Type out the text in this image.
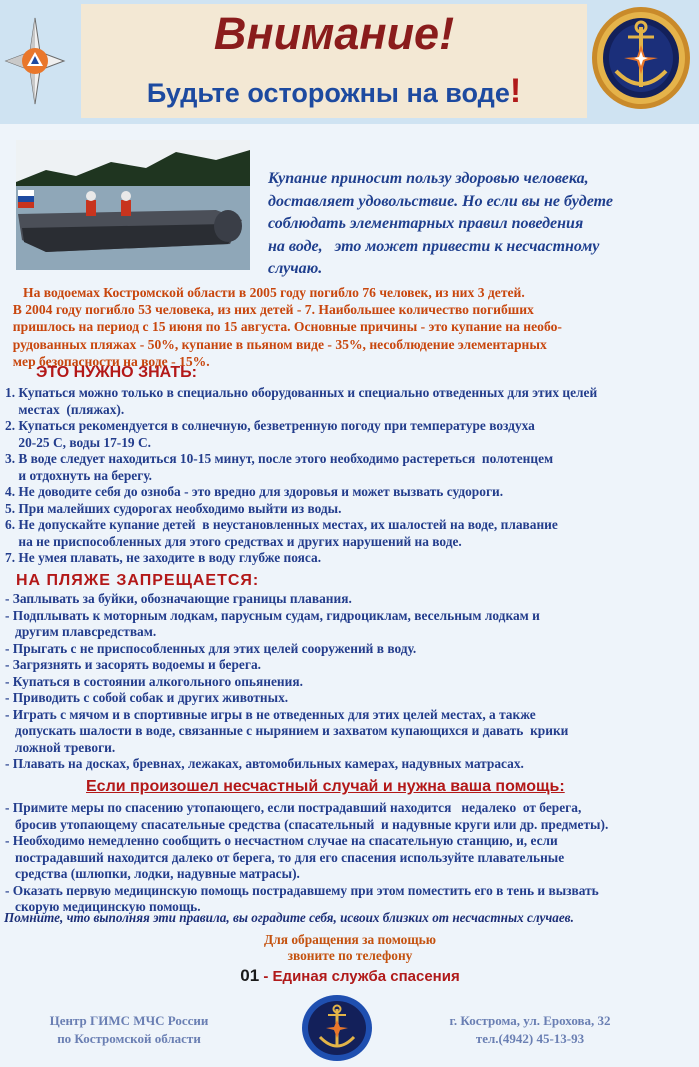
Внимание!
Будьте осторожны на воде!
Купание приносит пользу здоровью человека,
доставляет удовольствие. Но если вы не будете
соблюдать элементарных правил поведения
на воде,   это может привести к несчастному
случаю.
На водоемах Костромской области в 2005 году погибло 76 человек, из них 3 детей.
В 2004 году погибло 53 человека, из них детей - 7. Наибольшее количество погибших
пришлось на период с 15 июня по 15 августа. Основные причины - это купание на необо-
рудованных пляжах - 50%, купание в пьяном виде - 35%, несоблюдение элементарных
мер безопасности на воде - 15%.
ЭТО НУЖНО ЗНАТЬ:
1. Купаться можно только в специально оборудованных и специально отведенных для этих целей
местах  (пляжах).
2. Купаться рекомендуется в солнечную, безветренную погоду при температуре воздуха
20-25 С, воды 17-19 С.
3. В воде следует находиться 10-15 минут, после этого необходимо растереться  полотенцем
и отдохнуть на берегу.
4. Не доводите себя до озноба - это вредно для здоровья и может вызвать судороги.
5. При малейших судорогах необходимо выйти из воды.
6. Не допускайте купание детей  в неустановленных местах, их шалостей на воде, плавание
на не приспособленных для этого средствах и других нарушений на воде.
7. Не умея плавать, не заходите в воду глубже пояса.
НА ПЛЯЖЕ ЗАПРЕЩАЕТСЯ:
- Заплывать за буйки, обозначающие границы плавания.
- Подплывать к моторным лодкам, парусным судам, гидроциклам, весельным лодкам и
другим плавсредствам.
- Прыгать с не приспособленных для этих целей сооружений в воду.
- Загрязнять и засорять водоемы и берега.
- Купаться в состоянии алкогольного опьянения.
- Приводить с собой собак и других животных.
- Играть с мячом и в спортивные игры в не отведенных для этих целей местах, а также
допускать шалости в воде, связанные с нырянием и захватом купающихся и давать  крики
ложной тревоги.
- Плавать на досках, бревнах, лежаках, автомобильных камерах, надувных матрасах.
Если произошел несчастный случай и нужна ваша помощь:
- Примите меры по спасению утопающего, если пострадавший находится   недалеко  от берега,
бросив утопающему спасательные средства (спасательный  и надувные круги или др. предметы).
- Необходимо немедленно сообщить о несчастном случае на спасательную станцию, и, если
пострадавший находится далеко от берега, то для его спасения используйте плавательные
средства (шлюпки, лодки, надувные матрасы).
- Оказать первую медицинскую помощь пострадавшему при этом поместить его в тень и вызвать
скорую медицинскую помощь.
Помните, что выполняя эти правила, вы оградите себя, исвоих близких от несчастных случаев.
Для обращения за помощью
звоните по телефону
01 - Единая служба спасения
Центр ГИМС МЧС России
по Костромской области
г. Кострома, ул. Ерохова, 32
тел.(4942) 45-13-93
